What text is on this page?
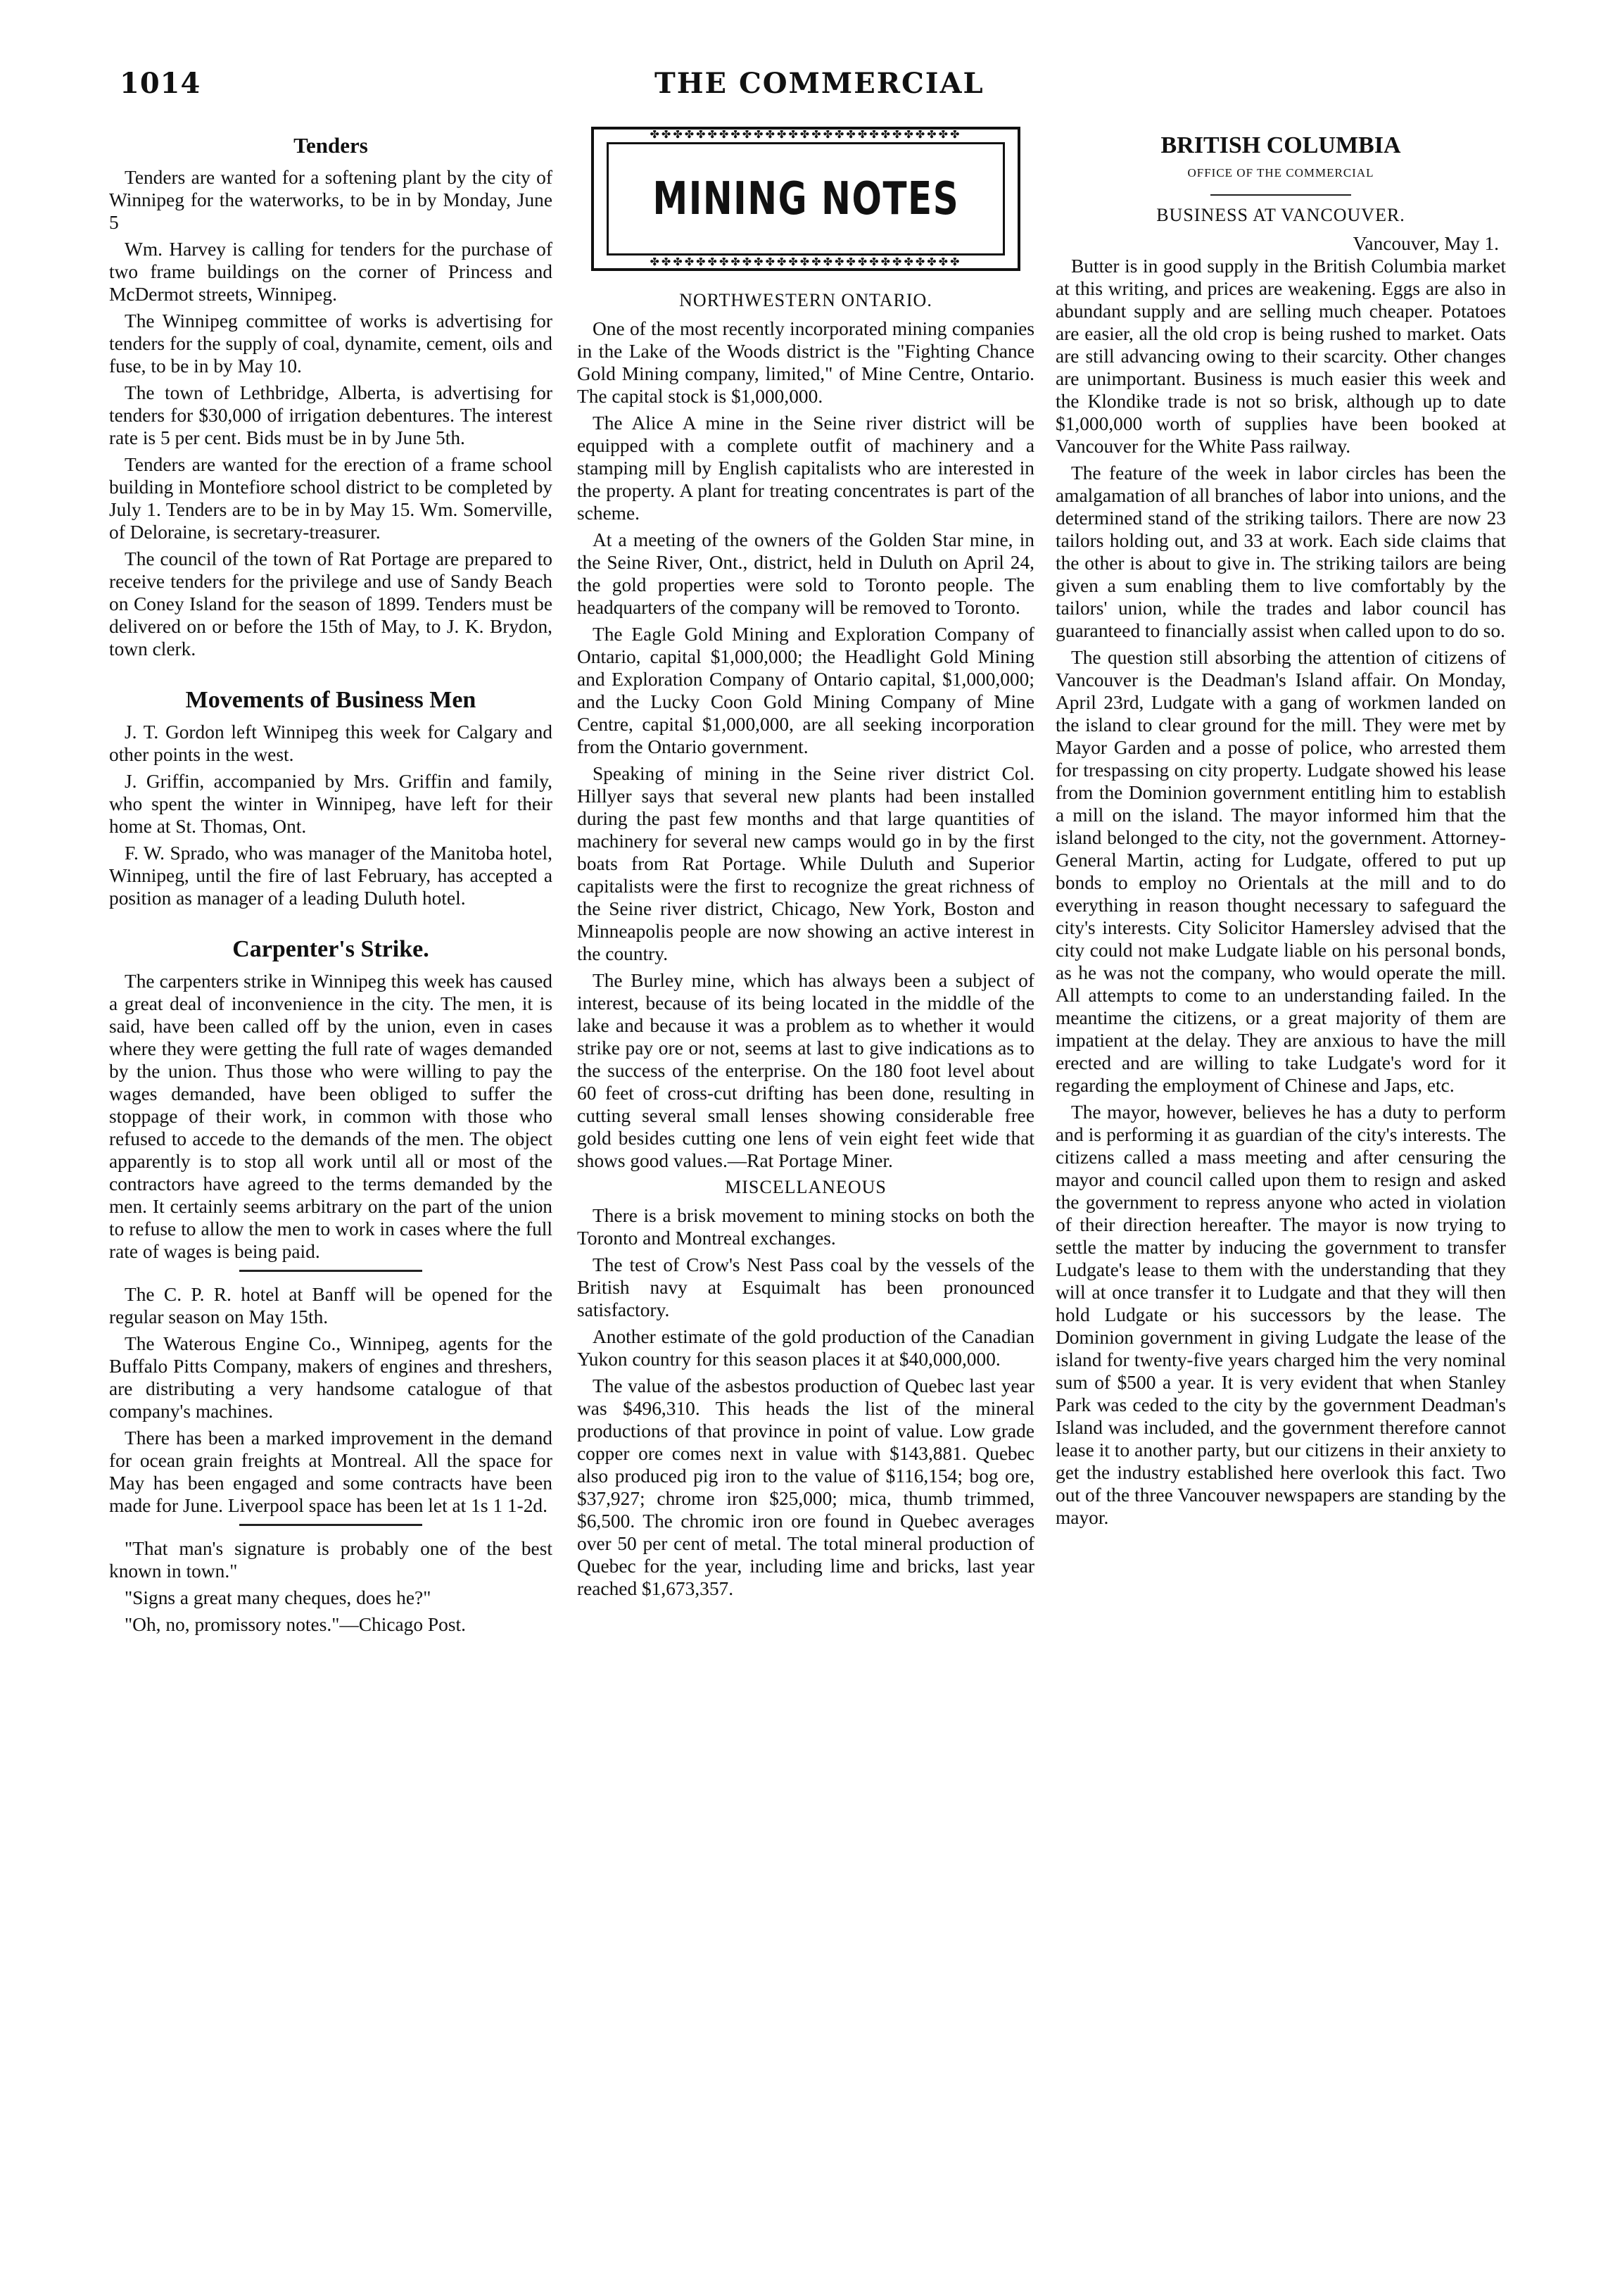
1014	THE COMMERCIAL
Tenders

Tenders are wanted for a softening plant by the city of Winnipeg for the waterworks, to be in by Monday, June 5

Wm. Harvey is calling for tenders for the purchase of two frame buildings on the corner of Princess and McDermot streets, Winnipeg.

The Winnipeg committee of works is advertising for tenders for the supply of coal, dynamite, cement, oils and fuse, to be in by May 10.

The town of Lethbridge, Alberta, is advertising for tenders for $30,000 of irrigation debentures. The interest rate is 5 per cent. Bids must be in by June 5th.

Tenders are wanted for the erection of a frame school building in Montefiore school district to be completed by July 1. Tenders are to be in by May 15. Wm. Somerville, of Deloraine, is secretary-treasurer.

The council of the town of Rat Portage are prepared to receive tenders for the privilege and use of Sandy Beach on Coney Island for the season of 1899. Tenders must be delivered on or before the 15th of May, to J. K. Brydon, town clerk.

Movements of Business Men

J. T. Gordon left Winnipeg this week for Calgary and other points in the west.

J. Griffin, accompanied by Mrs. Griffin and family, who spent the winter in Winnipeg, have left for their home at St. Thomas, Ont.

F. W. Sprado, who was manager of the Manitoba hotel, Winnipeg, until the fire of last February, has accepted a position as manager of a leading Duluth hotel.

Carpenter's Strike.

The carpenters strike in Winnipeg this week has caused a great deal of inconvenience in the city. The men, it is said, have been called off by the union, even in cases where they were getting the full rate of wages demanded by the union. Thus those who were willing to pay the wages demanded, have been obliged to suffer the stoppage of their work, in common with those who refused to accede to the demands of the men. The object apparently is to stop all work until all or most of the contractors have agreed to the terms demanded by the men. It certainly seems arbitrary on the part of the union to refuse to allow the men to work in cases where the full rate of wages is being paid.

The C. P. R. hotel at Banff will be opened for the regular season on May 15th.

The Waterous Engine Co., Winnipeg, agents for the Buffalo Pitts Company, makers of engines and threshers, are distributing a very handsome catalogue of that company's machines.

There has been a marked improvement in the demand for ocean grain freights at Montreal. All the space for May has been engaged and some contracts have been made for June. Liverpool space has been let at 1s 1 1-2d.

"That man's signature is probably one of the best known in town."

"Signs a great many cheques, does he?"

"Oh, no, promissory notes."—Chicago Post.

✤✤✤✤✤✤✤✤✤✤✤✤✤✤✤✤✤✤✤✤✤✤✤✤✤✤✤
MINING NOTES
✤✤✤✤✤✤✤✤✤✤✤✤✤✤✤✤✤✤✤✤✤✤✤✤✤✤✤
NORTHWESTERN ONTARIO.

One of the most recently incorporated mining companies in the Lake of the Woods district is the "Fighting Chance Gold Mining company, limited," of Mine Centre, Ontario. The capital stock is $1,000,000.

The Alice A mine in the Seine river district will be equipped with a complete outfit of machinery and a stamping mill by English capitalists who are interested in the property. A plant for treating concentrates is part of the scheme.

At a meeting of the owners of the Golden Star mine, in the Seine River, Ont., district, held in Duluth on April 24, the gold properties were sold to Toronto people. The headquarters of the company will be removed to Toronto.

The Eagle Gold Mining and Exploration Company of Ontario, capital $1,000,000; the Headlight Gold Mining and Exploration Company of Ontario capital, $1,000,000; and the Lucky Coon Gold Mining Company of Mine Centre, capital $1,000,000, are all seeking incorporation from the Ontario government.

Speaking of mining in the Seine river district Col. Hillyer says that several new plants had been installed during the past few months and that large quantities of machinery for several new camps would go in by the first boats from Rat Portage. While Duluth and Superior capitalists were the first to recognize the great richness of the Seine river district, Chicago, New York, Boston and Minneapolis people are now showing an active interest in the country.

The Burley mine, which has always been a subject of interest, because of its being located in the middle of the lake and because it was a problem as to whether it would strike pay ore or not, seems at last to give indications as to the success of the enterprise. On the 180 foot level about 60 feet of cross-cut drifting has been done, resulting in cutting several small lenses showing considerable free gold besides cutting one lens of vein eight feet wide that shows good values.—Rat Portage Miner.

MISCELLANEOUS

There is a brisk movement to mining stocks on both the Toronto and Montreal exchanges.

The test of Crow's Nest Pass coal by the vessels of the British navy at Esquimalt has been pronounced satisfactory.

Another estimate of the gold production of the Canadian Yukon country for this season places it at $40,000,000.

The value of the asbestos production of Quebec last year was $496,310. This heads the list of the mineral productions of that province in point of value. Low grade copper ore comes next in value with $143,881. Quebec also produced pig iron to the value of $116,154; bog ore, $37,927; chrome iron $25,000; mica, thumb trimmed, $6,500. The chromic iron ore found in Quebec averages over 50 per cent of metal. The total mineral production of Quebec for the year, including lime and bricks, last year reached $1,673,357.

BRITISH COLUMBIA
OFFICE OF THE COMMERCIAL
BUSINESS AT VANCOUVER.
Vancouver, May 1.

Butter is in good supply in the British Columbia market at this writing, and prices are weakening. Eggs are also in abundant supply and are selling much cheaper. Potatoes are easier, all the old crop is being rushed to market. Oats are still advancing owing to their scarcity. Other changes are unimportant. Business is much easier this week and the Klondike trade is not so brisk, although up to date $1,000,000 worth of supplies have been booked at Vancouver for the White Pass railway.

The feature of the week in labor circles has been the amalgamation of all branches of labor into unions, and the determined stand of the striking tailors. There are now 23 tailors holding out, and 33 at work. Each side claims that the other is about to give in. The striking tailors are being given a sum enabling them to live comfortably by the tailors' union, while the trades and labor council has guaranteed to financially assist when called upon to do so.

The question still absorbing the attention of citizens of Vancouver is the Deadman's Island affair. On Monday, April 23rd, Ludgate with a gang of workmen landed on the island to clear ground for the mill. They were met by Mayor Garden and a posse of police, who arrested them for trespassing on city property. Ludgate showed his lease from the Dominion government entitling him to establish a mill on the island. The mayor informed him that the island belonged to the city, not the government. Attorney-General Martin, acting for Ludgate, offered to put up bonds to employ no Orientals at the mill and to do everything in reason thought necessary to safeguard the city's interests. City Solicitor Hamersley advised that the city could not make Ludgate liable on his personal bonds, as he was not the company, who would operate the mill. All attempts to come to an understanding failed. In the meantime the citizens, or a great majority of them are impatient at the delay. They are anxious to have the mill erected and are willing to take Ludgate's word for it regarding the employment of Chinese and Japs, etc.

The mayor, however, believes he has a duty to perform and is performing it as guardian of the city's interests. The citizens called a mass meeting and after censuring the mayor and council called upon them to resign and asked the government to repress anyone who acted in violation of their direction hereafter. The mayor is now trying to settle the matter by inducing the government to transfer Ludgate's lease to them with the understanding that they will at once transfer it to Ludgate and that they will then hold Ludgate or his successors by the lease. The Dominion government in giving Ludgate the lease of the island for twenty-five years charged him the very nominal sum of $500 a year. It is very evident that when Stanley Park was ceded to the city by the government Deadman's Island was included, and the government therefore cannot lease it to another party, but our citizens in their anxiety to get the industry established here overlook this fact. Two out of the three Vancouver newspapers are standing by the mayor.
